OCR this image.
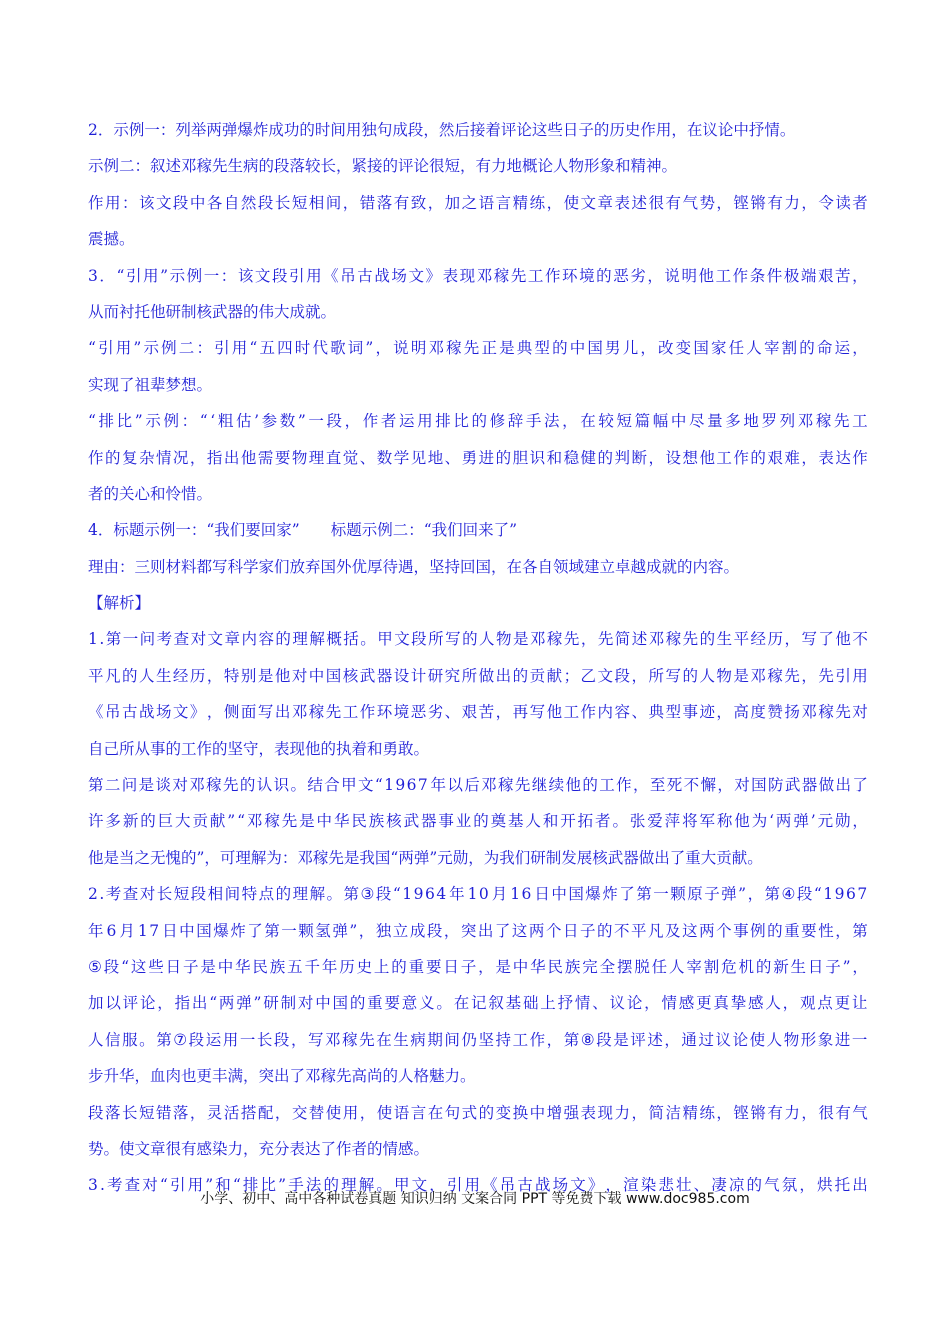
2．示例一：列举两弹爆炸成功的时间用独句成段，然后接着评论这些日子的历史作用，在议论中抒情。
示例二：叙述邓稼先生病的段落较长，紧接的评论很短，有力地概论人物形象和精神。
作 用 ： 该 文 段 中 各 自 然 段 长 短 相 间 ， 错 落 有 致 ， 加 之 语 言 精 练 ， 使 文 章 表 述 很 有 气 势 ， 铿 锵 有 力 ， 令 读 者
震撼。
3 ． “ 引 用 ” 示 例 一 ： 该 文 段 引 用 《 吊 古 战 场 文 》 表 现 邓 稼 先 工 作 环 境 的 恶 劣 ， 说 明 他 工 作 条 件 极 端 艰 苦 ，
从而衬托他研制核武器的伟大成就。
“ 引 用 ” 示 例 二 ： 引 用 “ 五 四 时 代 歌 词 ” ， 说 明 邓 稼 先 正 是 典 型 的 中 国 男 儿 ， 改 变 国 家 任 人 宰 割 的 命 运 ，
实现了祖辈梦想。
“ 排 比 ” 示 例 ： “ ‘ 粗 估 ’ 参 数 ” 一 段 ， 作 者 运 用 排 比 的 修 辞 手 法 ， 在 较 短 篇 幅 中 尽 量 多 地 罗 列 邓 稼 先 工
作 的 复 杂 情 况 ， 指 出 他 需 要 物 理 直 觉 、 数 学 见 地 、 勇 进 的 胆 识 和 稳 健 的 判 断 ， 设 想 他 工 作 的 艰 难 ， 表 达 作
者的关心和怜惜。
4．标题示例一：“我们要回家”　　标题示例二：“我们回来了”
理由：三则材料都写科学家们放弃国外优厚待遇，坚持回国，在各自领域建立卓越成就的内容。
【解析】
1 . 第 一 问 考 查 对 文 章 内 容 的 理 解 概 括 。 甲 文 段 所 写 的 人 物 是 邓 稼 先 ， 先 简 述 邓 稼 先 的 生 平 经 历 ， 写 了 他 不
平 凡 的 人 生 经 历 ， 特 别 是 他 对 中 国 核 武 器 设 计 研 究 所 做 出 的 贡 献 ； 乙 文 段 ， 所 写 的 人 物 是 邓 稼 先 ， 先 引 用
《 吊 古 战 场 文 》 ， 侧 面 写 出 邓 稼 先 工 作 环 境 恶 劣 、 艰 苦 ， 再 写 他 工 作 内 容 、 典 型 事 迹 ， 高 度 赞 扬 邓 稼 先 对
自己所从事的工作的坚守，表现他的执着和勇敢。
第 二 问 是 谈 对 邓 稼 先 的 认 识 。 结 合 甲 文 “ 1 9 6 7 年 以 后 邓 稼 先 继 续 他 的 工 作 ， 至 死 不 懈 ， 对 国 防 武 器 做 出 了
许 多 新 的 巨 大 贡 献 ” “ 邓 稼 先 是 中 华 民 族 核 武 器 事 业 的 奠 基 人 和 开 拓 者 。 张 爱 萍 将 军 称 他 为 ‘ 两 弹 ’ 元 勋 ，
他是当之无愧的”，可理解为：邓稼先是我国“两弹”元勋，为我们研制发展核武器做出了重大贡献。
2 . 考 查 对 长 短 段 相 间 特 点 的 理 解 。 第 ③ 段 “ 1 9 6 4 年 1 0 月 1 6 日 中 国 爆 炸 了 第 一 颗 原 子 弹 ” ， 第 ④ 段 “ 1 9 6 7
年 6 月 1 7 日 中 国 爆 炸 了 第 一 颗 氢 弹 ” ， 独 立 成 段 ， 突 出 了 这 两 个 日 子 的 不 平 凡 及 这 两 个 事 例 的 重 要 性 ， 第
⑤ 段 “ 这 些 日 子 是 中 华 民 族 五 千 年 历 史 上 的 重 要 日 子 ， 是 中 华 民 族 完 全 摆 脱 任 人 宰 割 危 机 的 新 生 日 子 ” ，
加 以 评 论 ， 指 出 “ 两 弹 ” 研 制 对 中 国 的 重 要 意 义 。 在 记 叙 基 础 上 抒 情 、 议 论 ， 情 感 更 真 挚 感 人 ， 观 点 更 让
人 信 服 。 第 ⑦ 段 运 用 一 长 段 ， 写 邓 稼 先 在 生 病 期 间 仍 坚 持 工 作 ， 第 ⑧ 段 是 评 述 ， 通 过 议 论 使 人 物 形 象 进 一
步升华，血肉也更丰满，突出了邓稼先高尚的人格魅力。
段 落 长 短 错 落 ， 灵 活 搭 配 ， 交 替 使 用 ， 使 语 言 在 句 式 的 变 换 中 增 强 表 现 力 ， 简 洁 精 练 ， 铿 锵 有 力 ， 很 有 气
势。使文章很有感染力，充分表达了作者的情感。
3 . 考 查 对 “ 引 用 ” 和 “ 排 比 ” 手 法 的 理 解 。 甲 文 ， 引 用 《 吊 古 战 场 文 》 ， 渲 染 悲 壮 、 凄 凉 的 气 氛 ， 烘 托 出
小学、初中、高中各种试卷真题 知识归纳 文案合同 PPT 等免费下载 www.doc985.com
